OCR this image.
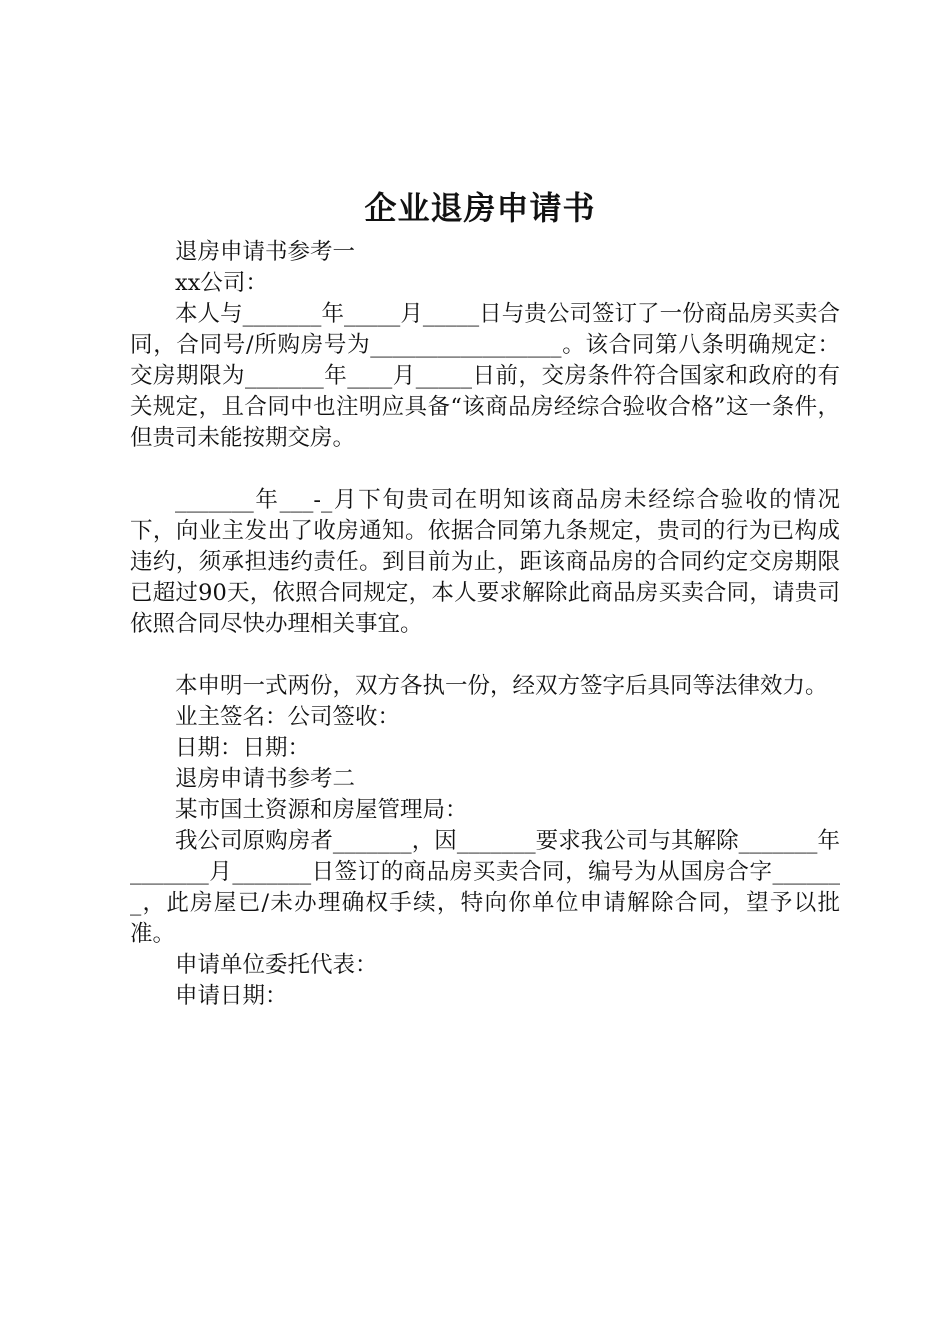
企业退房申请书

退房申请书参考一

xx公司：

本人与_______年_____月_____日与贵公司签订了一份商品房买卖合同，合同号/所购房号为_________________。该合同第八条明确规定：交房期限为_______年____月_____日前，交房条件符合国家和政府的有关规定，且合同中也注明应具备“该商品房经综合验收合格”这一条件，但贵司未能按期交房。

_______年___-_月下旬贵司在明知该商品房未经综合验收的情况下，向业主发出了收房通知。依据合同第九条规定，贵司的行为已构成违约，须承担违约责任。到目前为止，距该商品房的合同约定交房期限已超过90天，依照合同规定，本人要求解除此商品房买卖合同，请贵司依照合同尽快办理相关事宜。

本申明一式两份，双方各执一份，经双方签字后具同等法律效力。

业主签名：公司签收：

日期：日期：

退房申请书参考二

某市国土资源和房屋管理局：

我公司原购房者_______，因_______要求我公司与其解除_______年_______月_______日签订的商品房买卖合同，编号为从国房合字_______，此房屋已/未办理确权手续，特向你单位申请解除合同，望予以批准。

申请单位委托代表：

申请日期：
